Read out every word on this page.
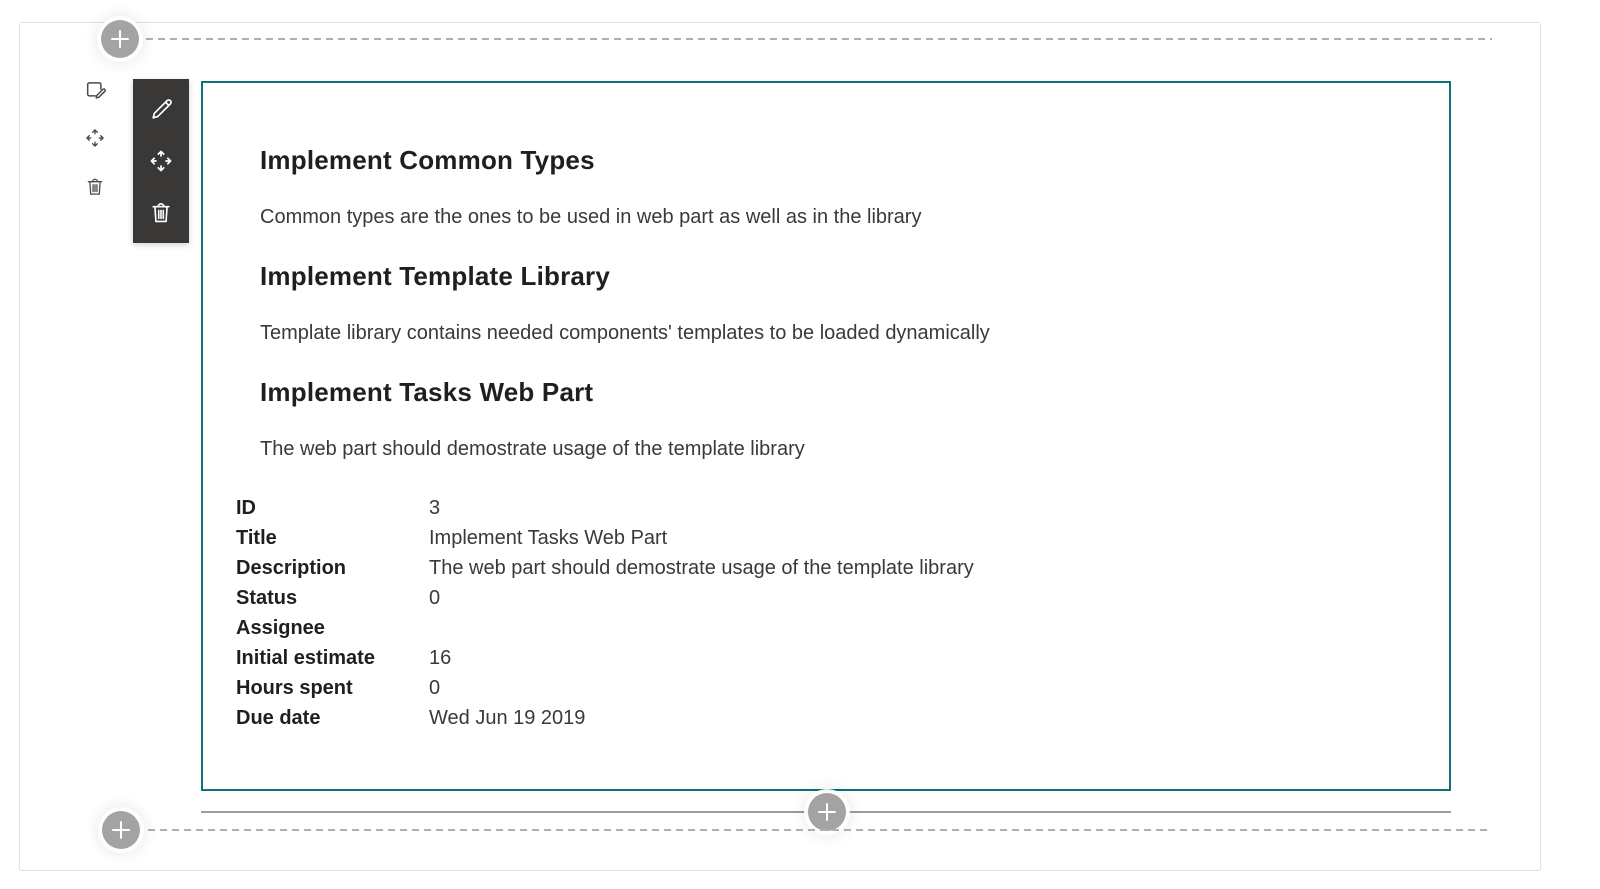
Implement Common Types

Common types are the ones to be used in web part as well as in the library

Implement Template Library

Template library contains needed components' templates to be loaded dynamically

Implement Tasks Web Part

The web part should demostrate usage of the template library

ID	3
Title	Implement Tasks Web Part
Description	The web part should demostrate usage of the template library
Status	0
Assignee	
Initial estimate	16
Hours spent	0
Due date	Wed Jun 19 2019
